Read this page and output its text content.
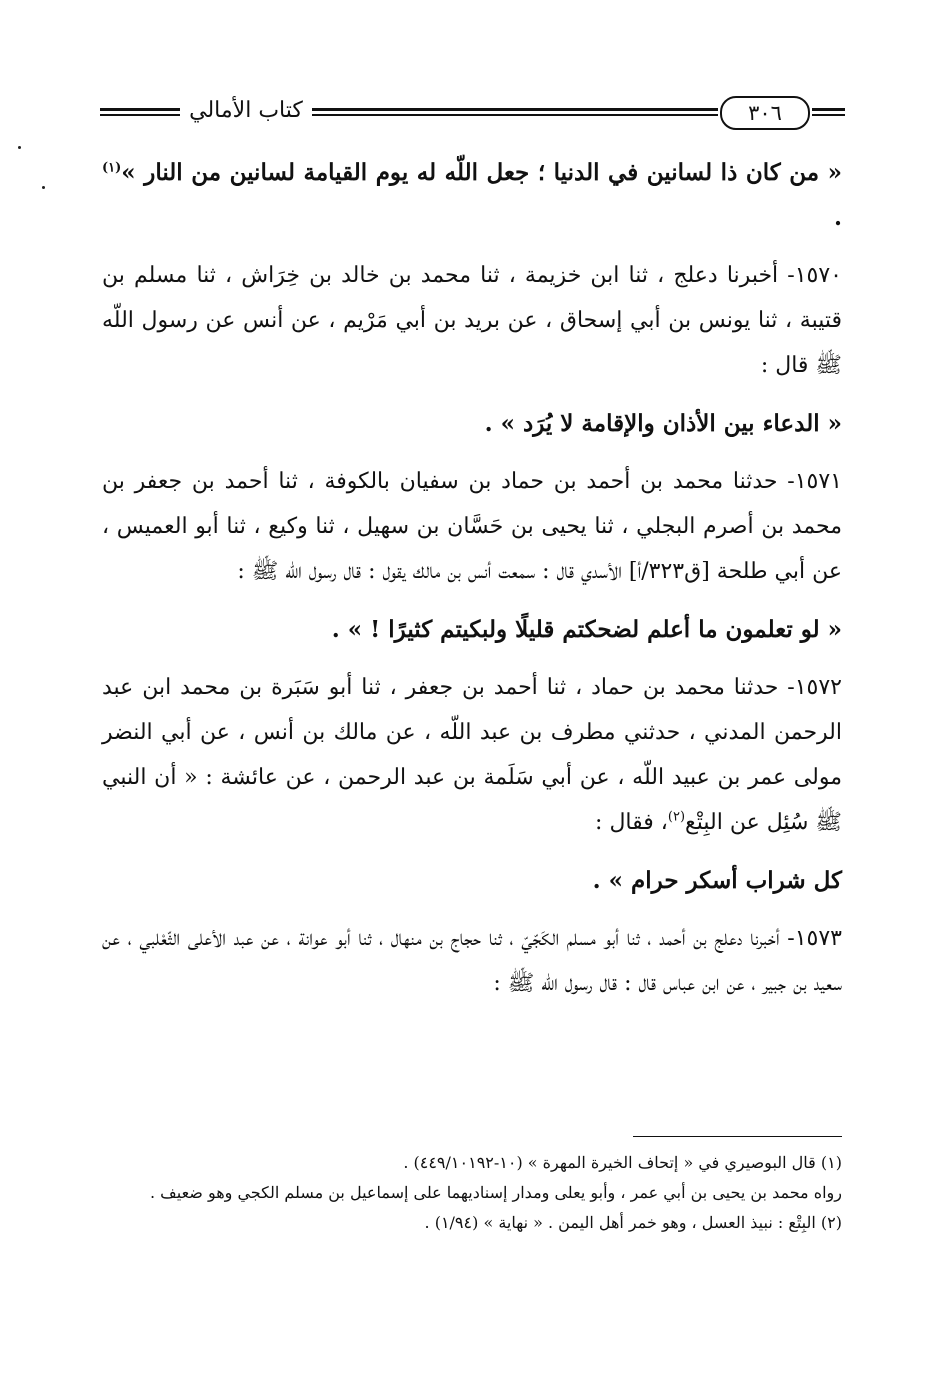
كتاب الأمالي	٣٠٦

« من كان ذا لسانين في الدنيا ؛ جعل اللّه له يوم القيامة لسانين من النار »$^{(١)}$ .

١٥٧٠- أخبرنا دعلج ، ثنا ابن خزيمة ، ثنا محمد بن خالد بن خِرَاش ، ثنا مسلم بن قتيبة ، ثنا يونس بن أبي إسحاق ، عن بريد بن أبي مَرْيم ، عن أنس عن رسول اللّه ﷺ قال :

« الدعاء بين الأذان والإقامة لا يُرَد » .

١٥٧١- حدثنا محمد بن أحمد بن حماد بن سفيان بالكوفة ، ثنا أحمد بن جعفر بن محمد بن أصرم البجلي ، ثنا يحيى بن حَسَّان بن سهيل ، ثنا وكيع ، ثنا أبو العميس ، عن أبي طلحة [ق٣٢٣/أ] الأسدي قال : سمعت أنس بن مالك يقول : قال رسول اللّه ﷺ :

« لو تعلمون ما أعلم لضحكتم قليلًا ولبكيتم كثيرًا ! » .

١٥٧٢- حدثنا محمد بن حماد ، ثنا أحمد بن جعفر ، ثنا أبو سَبَرة بن محمد ابن عبد الرحمن المدني ، حدثني مطرف بن عبد اللّه ، عن مالك بن أنس ، عن أبي النضر مولى عمر بن عبيد اللّه ، عن أبي سَلَمة بن عبد الرحمن ، عن عائشة : « أن النبي ﷺ سُئِل عن البِتْع$^{(٢)}$، فقال :

كل شراب أسكر حرام » .

١٥٧٣- أخبرنا دعلج بن أحمد ، ثنا أبو مسلم الكَجّيّ ، ثنا حجاج بن منهال ، ثنا أبو عوانة ، عن عبد الأعلى الثّعْلبي ، عن سعيد بن جبير ، عن ابن عباس قال : قال رسول اللّه ﷺ :

(١) قال البوصيري في « إتحاف الخيرة المهرة » (١٠-٤٤٩/١٠١٩٢) .

رواه محمد بن يحيى بن أبي عمر ، وأبو يعلى ومدار إسناديهما على إسماعيل بن مسلم الكجي وهو ضعيف .

(٢) البِتْع : نبيذ العسل ، وهو خمر أهل اليمن . « نهاية » (١/٩٤) .
